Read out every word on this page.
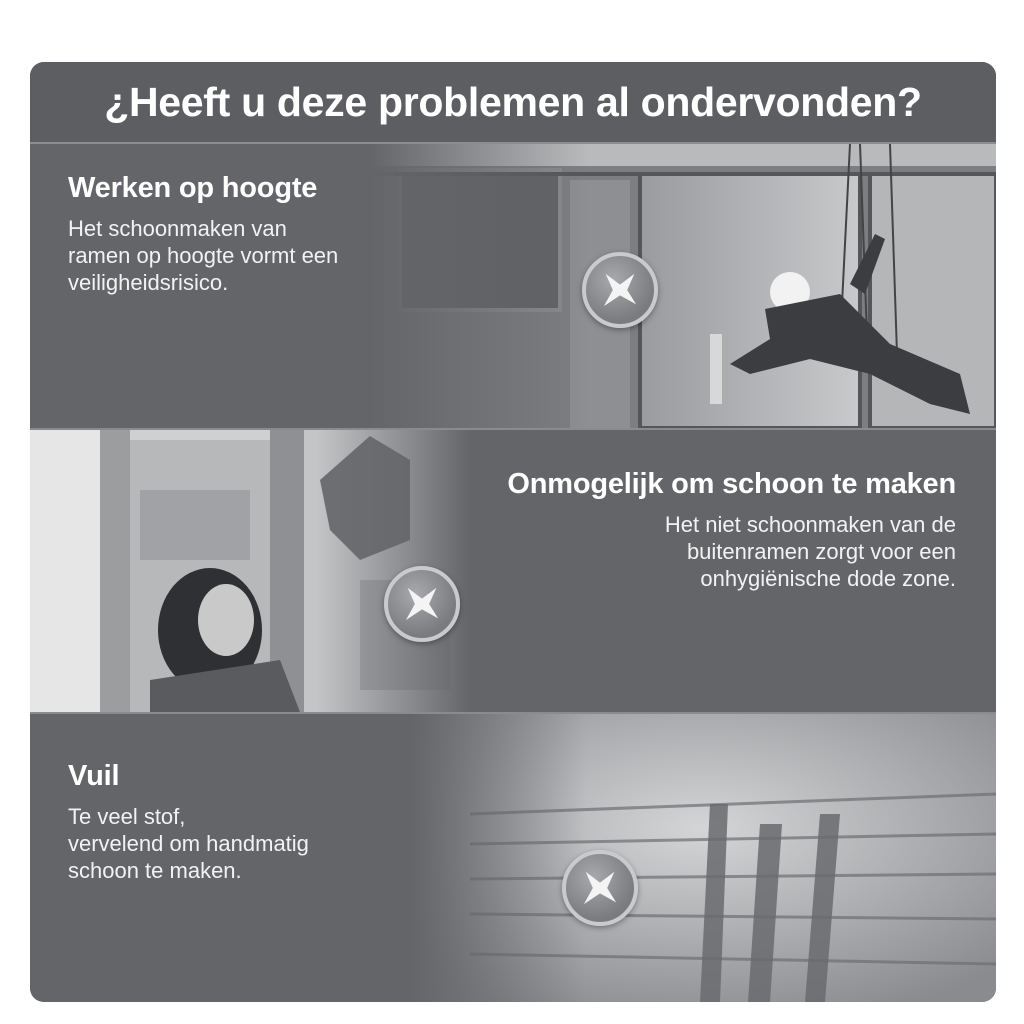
¿Heeft u deze problemen al ondervonden?
Werken op hoogte

Het schoonmaken van
ramen op hoogte vormt een
veiligheidsrisico.

Onmogelijk om schoon te maken

Het niet schoonmaken van de
buitenramen zorgt voor een
onhygiënische dode zone.

Vuil

Te veel stof,
vervelend om handmatig
schoon te maken.
